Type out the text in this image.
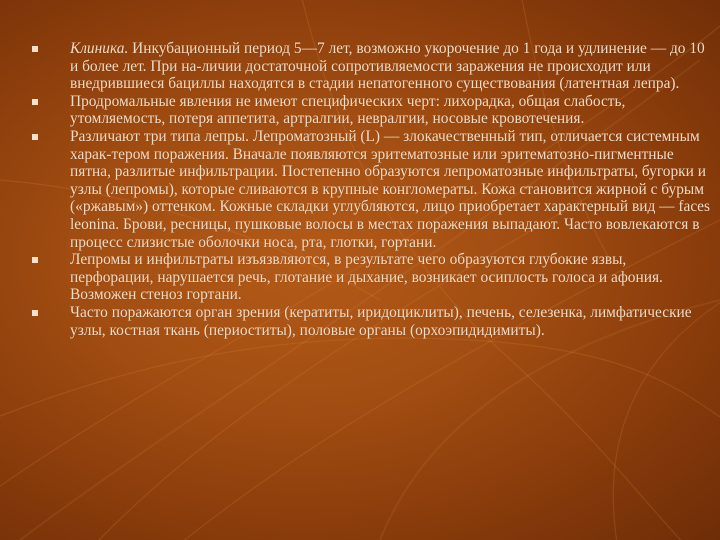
Клиника. Инкубационный период 5—7 лет, возможно укорочение до 1 года и удлинение — до 10 и более лет. При на-личии достаточной сопротивляемости заражения не происходит или внедрившиеся бациллы находятся в стадии непатогенного существования (латентная лепра).
Продромальные явления не имеют специфических черт: лихорадка, общая слабость, утомляемость, потеря аппетита, артралгии, невралгии, носовые кровотечения.
Различают три типа лепры. Лепроматозный (L) — злокачественный тип, отличается системным харак-тером поражения. Вначале появляются эритематозные или эритематозно-пигментные пятна, разлитые инфильтрации. Постепенно образуются лепроматозные инфильтраты, бугорки и узлы (лепромы), которые сливаются в крупные конгломераты. Кожа становится жирной с бурым («ржавым») оттенком. Кожные складки углубляются, лицо приобретает характерный вид — faces leonina. Брови, ресницы, пушковые волосы в местах поражения выпадают. Часто вовлекаются в процесс слизистые оболочки носа, рта, глотки, гортани.
Лепромы и инфильтраты изъязвляются, в результате чего образуются глубокие язвы, перфорации, нарушается речь, глотание и дыхание, возникает осиплость голоса и афония. Возможен стеноз гортани.
Часто поражаются орган зрения (кератиты, иридоциклиты), печень, селезенка, лимфатические узлы, костная ткань (периоститы), половые органы (орхоэпидидимиты).
